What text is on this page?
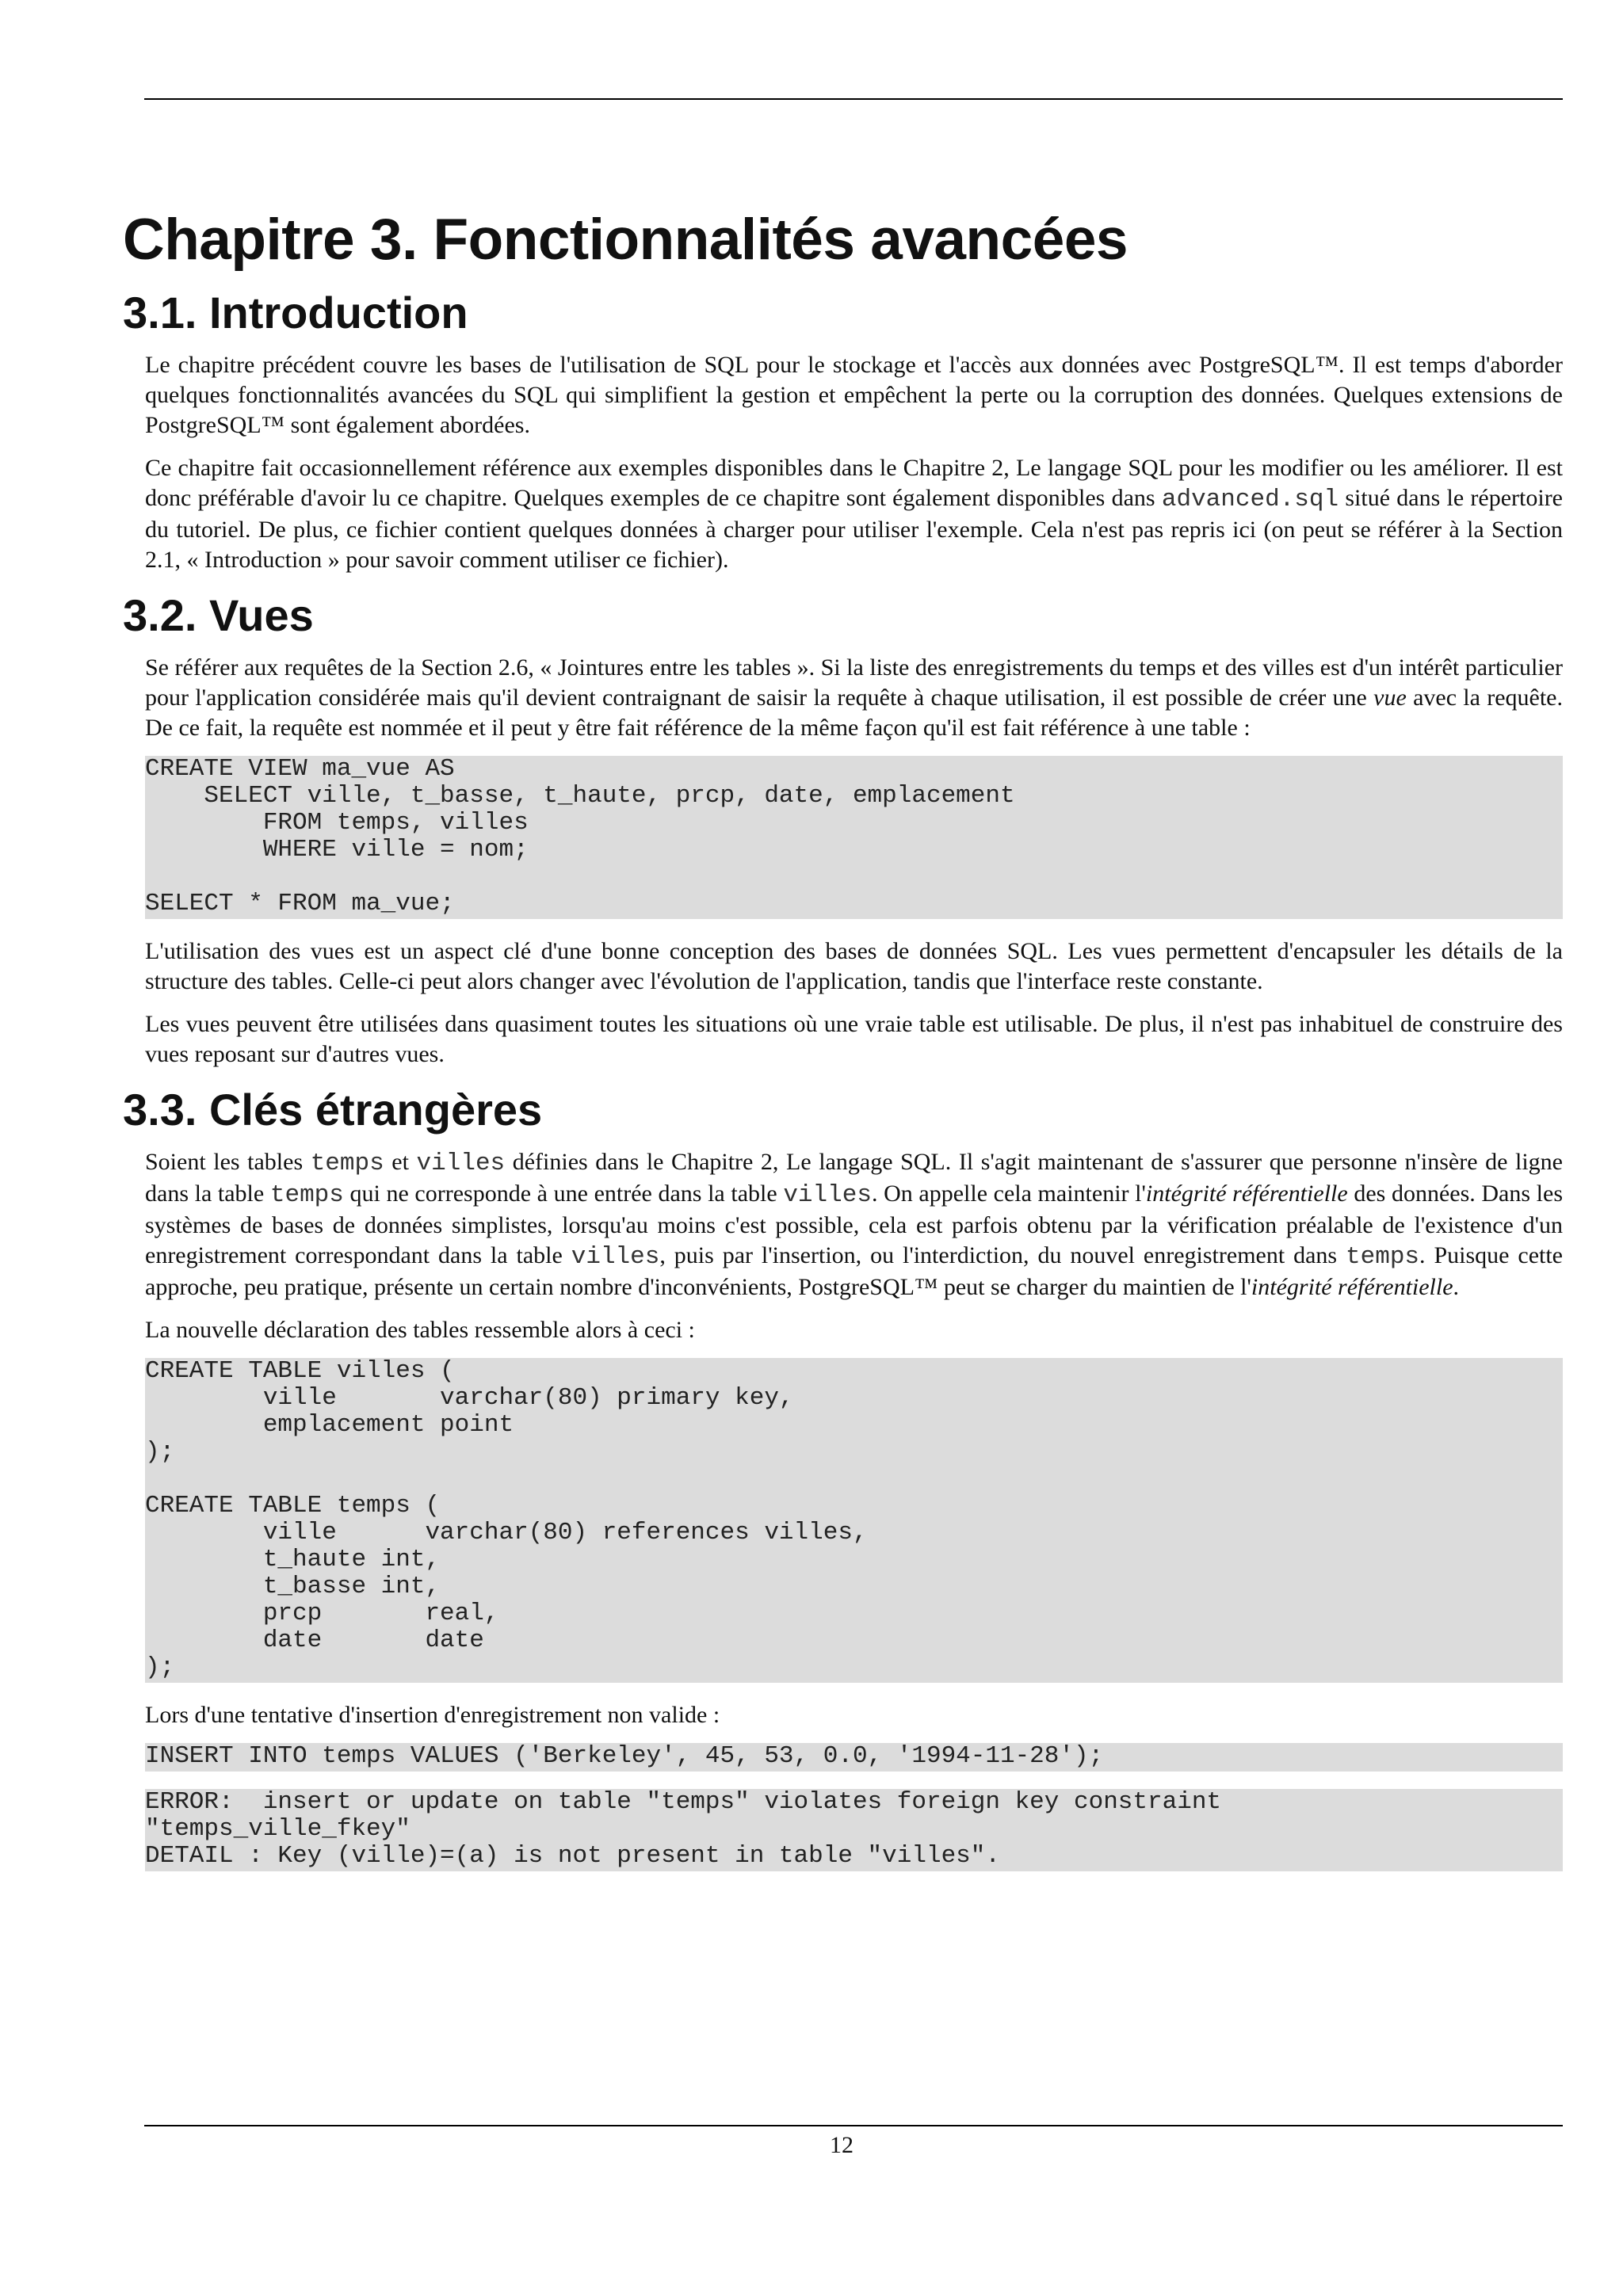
Chapitre 3. Fonctionnalités avancées
3.1. Introduction

Le chapitre précédent couvre les bases de l'utilisation de SQL pour le stockage et l'accès aux données avec PostgreSQL™. Il est temps d'aborder quelques fonctionnalités avancées du SQL qui simplifient la gestion et empêchent la perte ou la corruption des données. Quelques extensions de PostgreSQL™ sont également abordées.

Ce chapitre fait occasionnellement référence aux exemples disponibles dans le Chapitre 2, Le langage SQL pour les modifier ou les améliorer. Il est donc préférable d'avoir lu ce chapitre. Quelques exemples de ce chapitre sont également disponibles dans advanced.sql situé dans le répertoire du tutoriel. De plus, ce fichier contient quelques données à charger pour utiliser l'exemple. Cela n'est pas repris ici (on peut se référer à la Section 2.1, « Introduction » pour savoir comment utiliser ce fichier).

3.2. Vues

Se référer aux requêtes de la Section 2.6, « Jointures entre les tables ». Si la liste des enregistrements du temps et des villes est d'un intérêt particulier pour l'application considérée mais qu'il devient contraignant de saisir la requête à chaque utilisation, il est possible de créer une vue avec la requête. De ce fait, la requête est nommée et il peut y être fait référence de la même façon qu'il est fait référence à une table :

CREATE VIEW ma_vue AS
SELECT ville, t_basse, t_haute, prcp, date, emplacement
FROM temps, villes
WHERE ville = nom;

SELECT * FROM ma_vue;

L'utilisation des vues est un aspect clé d'une bonne conception des bases de données SQL. Les vues permettent d'encapsuler les détails de la structure des tables. Celle-ci peut alors changer avec l'évolution de l'application, tandis que l'interface reste constante.

Les vues peuvent être utilisées dans quasiment toutes les situations où une vraie table est utilisable. De plus, il n'est pas inhabituel de construire des vues reposant sur d'autres vues.

3.3. Clés étrangères

Soient les tables temps et villes définies dans le Chapitre 2, Le langage SQL. Il s'agit maintenant de s'assurer que personne n'insère de ligne dans la table temps qui ne corresponde à une entrée dans la table villes. On appelle cela maintenir l'intégrité référentielle des données. Dans les systèmes de bases de données simplistes, lorsqu'au moins c'est possible, cela est parfois obtenu par la vérification préalable de l'existence d'un enregistrement correspondant dans la table villes, puis par l'insertion, ou l'interdiction, du nouvel enregistrement dans temps. Puisque cette approche, peu pratique, présente un certain nombre d'inconvénients, PostgreSQL™ peut se charger du maintien de l'intégrité référentielle.

La nouvelle déclaration des tables ressemble alors à ceci :

CREATE TABLE villes (
ville       varchar(80) primary key,
emplacement point
);

CREATE TABLE temps (
ville      varchar(80) references villes,
t_haute int,
t_basse int,
prcp       real,
date       date
);

Lors d'une tentative d'insertion d'enregistrement non valide :

INSERT INTO temps VALUES ('Berkeley', 45, 53, 0.0, '1994-11-28');
ERROR:  insert or update on table "temps" violates foreign key constraint
"temps_ville_fkey"
DETAIL : Key (ville)=(a) is not present in table "villes".
12
